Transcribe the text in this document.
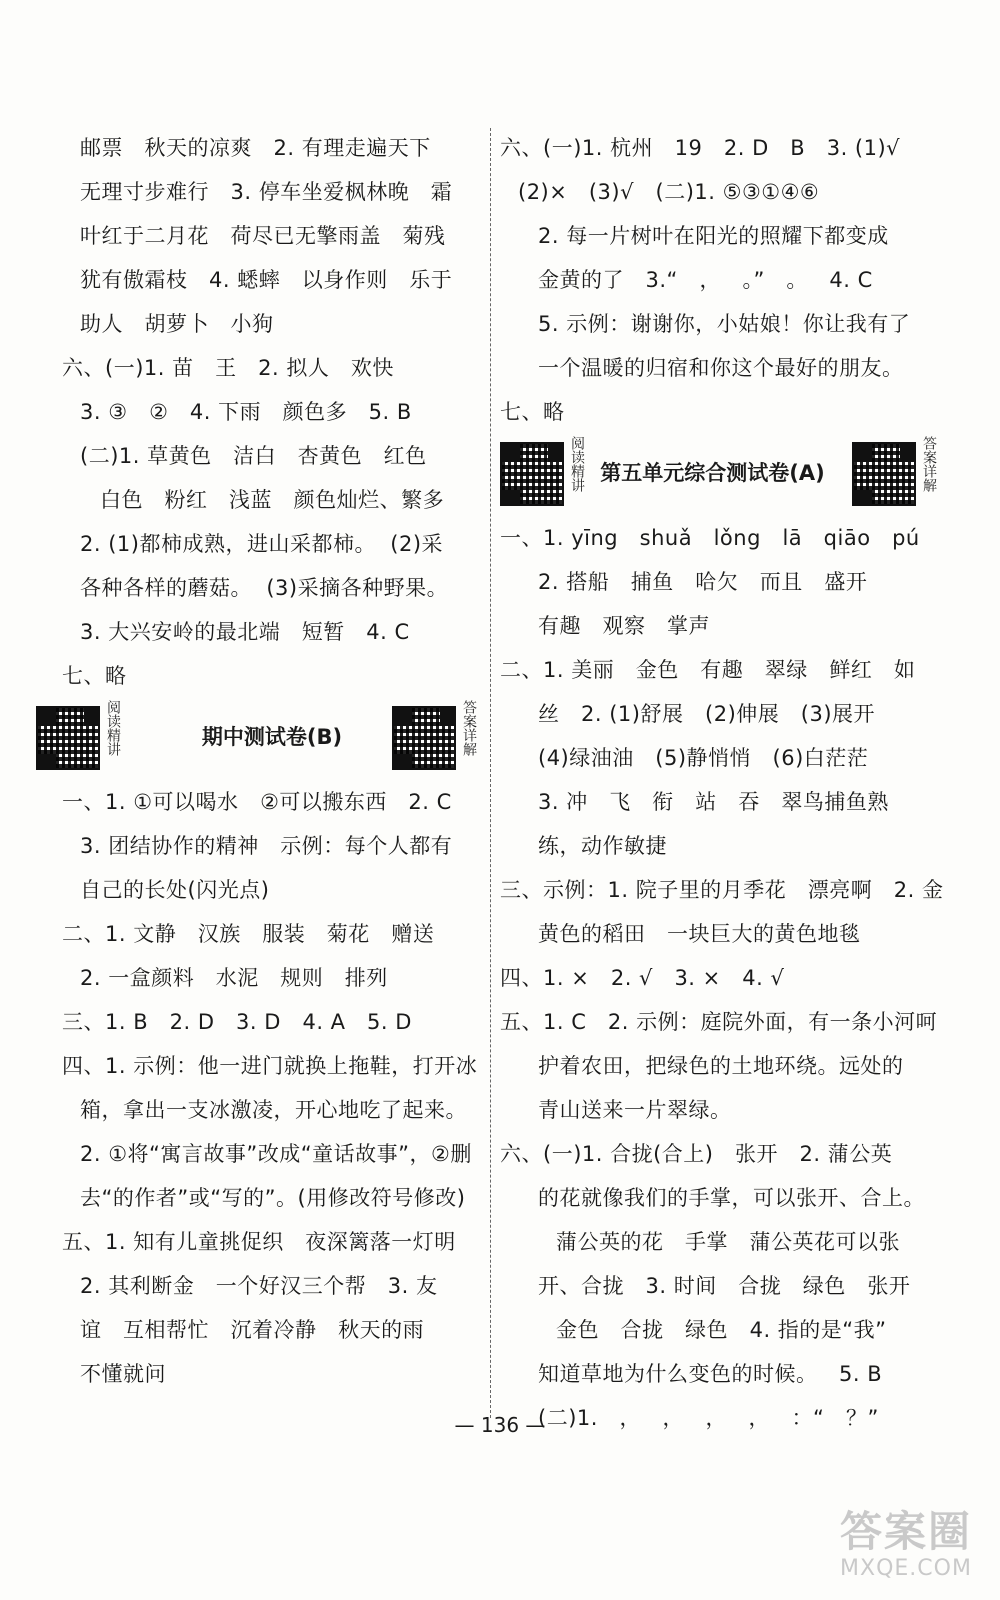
邮票   秋天的凉爽   2. 有理走遍天下
无理寸步难行   3. 停车坐爱枫林晚   霜
叶红于二月花   荷尽已无擎雨盖   菊残
犹有傲霜枝   4. 蟋蟀   以身作则   乐于
助人   胡萝卜   小狗
六、(一)1. 苗   王   2. 拟人   欢快
3. ③   ②   4. 下雨   颜色多   5. B
(二)1. 草黄色   洁白   杏黄色   红色
白色   粉红   浅蓝   颜色灿烂、繁多
2. (1)都柿成熟，进山采都柿。  (2)采
各种各样的蘑菇。  (3)采摘各种野果。
3. 大兴安岭的最北端   短暂   4. C
七、略
阅读精讲	期中测试卷(B)	答案详解
一、1. ①可以喝水   ②可以搬东西   2. C
3. 团结协作的精神   示例：每个人都有
自己的长处(闪光点)
二、1. 文静   汉族   服装   菊花   赠送
2. 一盒颜料   水泥   规则   排列
三、1. B   2. D   3. D   4. A   5. D
四、1. 示例：他一进门就换上拖鞋，打开冰
箱，拿出一支冰激凌，开心地吃了起来。
2. ①将“寓言故事”改成“童话故事”，②删
去“的作者”或“写的”。(用修改符号修改)
五、1. 知有儿童挑促织   夜深篱落一灯明
2. 其利断金   一个好汉三个帮   3. 友
谊   互相帮忙   沉着冷静   秋天的雨
不懂就问
六、(一)1. 杭州   19   2. D   B   3. (1)√
(2)×   (3)√   (二)1. ⑤③①④⑥
2. 每一片树叶在阳光的照耀下都变成
金黄的了   3.“   ，   。”   。   4. C
5. 示例：谢谢你，小姑娘！你让我有了
一个温暖的归宿和你这个最好的朋友。
七、略
阅读精讲 第五单元综合测试卷(A)	答案详解
一、1. yīng   shuǎ   lǒng   lā   qiāo   pú
2. 搭船   捕鱼   哈欠   而且   盛开
有趣   观察   掌声
二、1. 美丽   金色   有趣   翠绿   鲜红   如
丝   2. (1)舒展   (2)伸展   (3)展开
(4)绿油油   (5)静悄悄   (6)白茫茫
3. 冲   飞   衔   站   吞   翠鸟捕鱼熟
练，动作敏捷
三、示例：1. 院子里的月季花   漂亮啊   2. 金
黄色的稻田   一块巨大的黄色地毯
四、1. ×   2. √   3. ×   4. √
五、1. C   2. 示例：庭院外面，有一条小河呵
护着农田，把绿色的土地环绕。远处的
青山送来一片翠绿。
六、(一)1. 合拢(合上)   张开   2. 蒲公英
的花就像我们的手掌，可以张开、合上。
蒲公英的花   手掌   蒲公英花可以张
开、合拢   3. 时间   合拢   绿色   张开
金色   合拢   绿色   4. 指的是“我”
知道草地为什么变色的时候。   5. B
(二)1.   ，   ，   ，   ，   ：“   ？”
— 136 —
答案圈
MXQE.COM
